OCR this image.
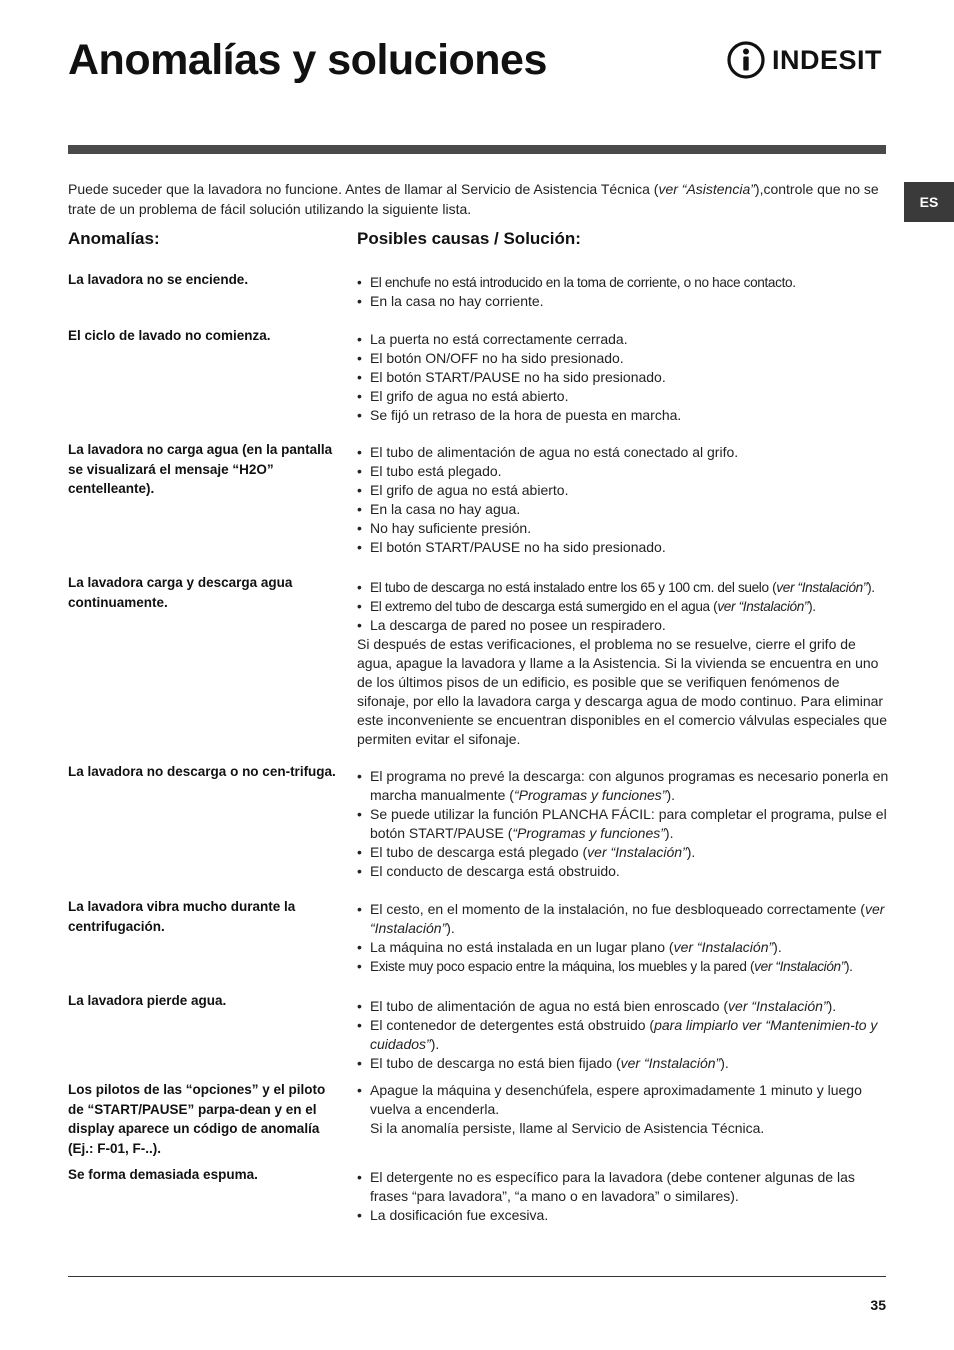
Anomalías y soluciones	INDESIT
ES
Puede suceder que la lavadora no funcione. Antes de llamar al Servicio de Asistencia Técnica (ver “Asistencia”),controle que no se trate de un problema de fácil solución utilizando la siguiente lista.
Anomalías:	Posibles causas / Solución:
La lavadora no se enciende.	• El enchufe no está introducido en la toma de corriente, o no hace contacto.
• En la casa no hay corriente.
El ciclo de lavado no comienza.	• La puerta no está correctamente cerrada.
• El botón ON/OFF no ha sido presionado.
• El botón START/PAUSE no ha sido presionado.
• El grifo de agua no está abierto.
• Se fijó un retraso de la hora de puesta en marcha.
La lavadora no carga agua (en la pantalla se visualizará el mensaje “H2O” centelleante).
• El tubo de alimentación de agua no está conectado al grifo.
• El tubo está plegado.
• El grifo de agua no está abierto.
• En la casa no hay agua.
• No hay suficiente presión.
• El botón START/PAUSE no ha sido presionado.
La lavadora carga y descarga agua continuamente.
• El tubo de descarga no está instalado entre los 65 y 100 cm. del suelo (ver “Instalación”).
• El extremo del tubo de descarga está sumergido en el agua (ver “Instalación”).
• La descarga de pared no posee un respiradero.

Si después de estas verificaciones, el problema no se resuelve, cierre el grifo de agua, apague la lavadora y llame a la Asistencia. Si la vivienda se encuentra en uno de los últimos pisos de un edificio, es posible que se verifiquen fenómenos de sifonaje, por ello la lavadora carga y descarga agua de modo continuo. Para eliminar este inconveniente se encuentran disponibles en el comercio válvulas especiales que permiten evitar el sifonaje.

La lavadora no descarga o no cen-trifuga.	• El programa no prevé la descarga: con algunos programas es necesario ponerla en marcha manualmente (“Programas y funciones”).
• Se puede utilizar la función PLANCHA FÁCIL: para completar el programa, pulse el botón START/PAUSE (“Programas y funciones”).
• El tubo de descarga está plegado (ver “Instalación”).
• El conducto de descarga está obstruido.
La lavadora vibra mucho durante la centrifugación.
• El cesto, en el momento de la instalación, no fue desbloqueado correctamente (ver “Instalación”).
• La máquina no está instalada en un lugar plano (ver “Instalación”).
• Existe muy poco espacio entre la máquina, los muebles y la pared (ver “Instalación”).
La lavadora pierde agua.	• El tubo de alimentación de agua no está bien enroscado (ver “Instalación”).
• El contenedor de detergentes está obstruido (para limpiarlo ver “Mantenimien-to y cuidados”).
• El tubo de descarga no está bien fijado (ver “Instalación”).
Los pilotos de las “opciones” y el piloto de “START/PAUSE” parpa-dean y en el display aparece un código de anomalía (Ej.: F-01, F-..).
• Apague la máquina y desenchúfela, espere aproximadamente 1 minuto y luego vuelva a encenderla.

Si la anomalía persiste, llame al Servicio de Asistencia Técnica.

Se forma demasiada espuma.	• El detergente no es específico para la lavadora (debe contener algunas de las frases “para lavadora”, “a mano o en lavadora” o similares).
• La dosificación fue excesiva.
35
